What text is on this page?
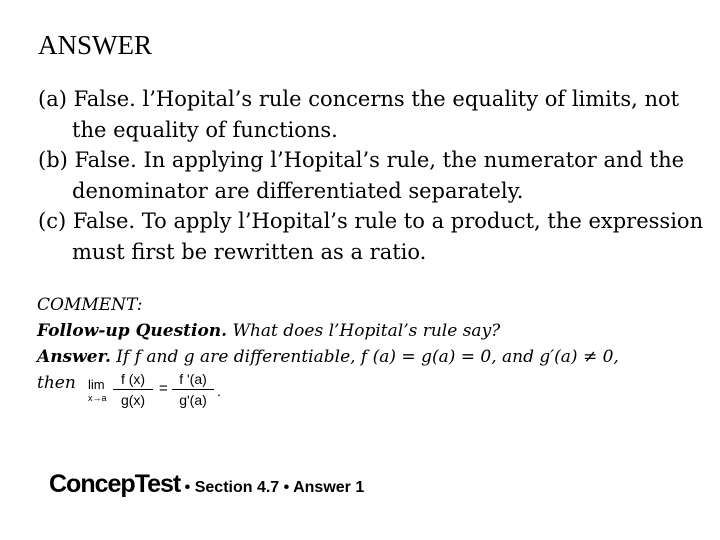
ANSWER
(a) False. l’Hopital’s rule concerns the equality of limits, not the equality of functions.
(b) False. In applying l’Hopital’s rule, the numerator and the denominator are differentiated separately.
(c) False. To apply l’Hopital’s rule to a product, the expression must first be rewritten as a ratio.
COMMENT:
Follow-up Question. What does l’Hopital’s rule say?
Answer. If f and g are differentiable, f (a) = g(a) = 0, and g′(a) ≠ 0,
then lim
x→a
f (x)
g(x)
=
f '(a)
g'(a)
.
ConcepTest • Section 4.7 • Answer 1
